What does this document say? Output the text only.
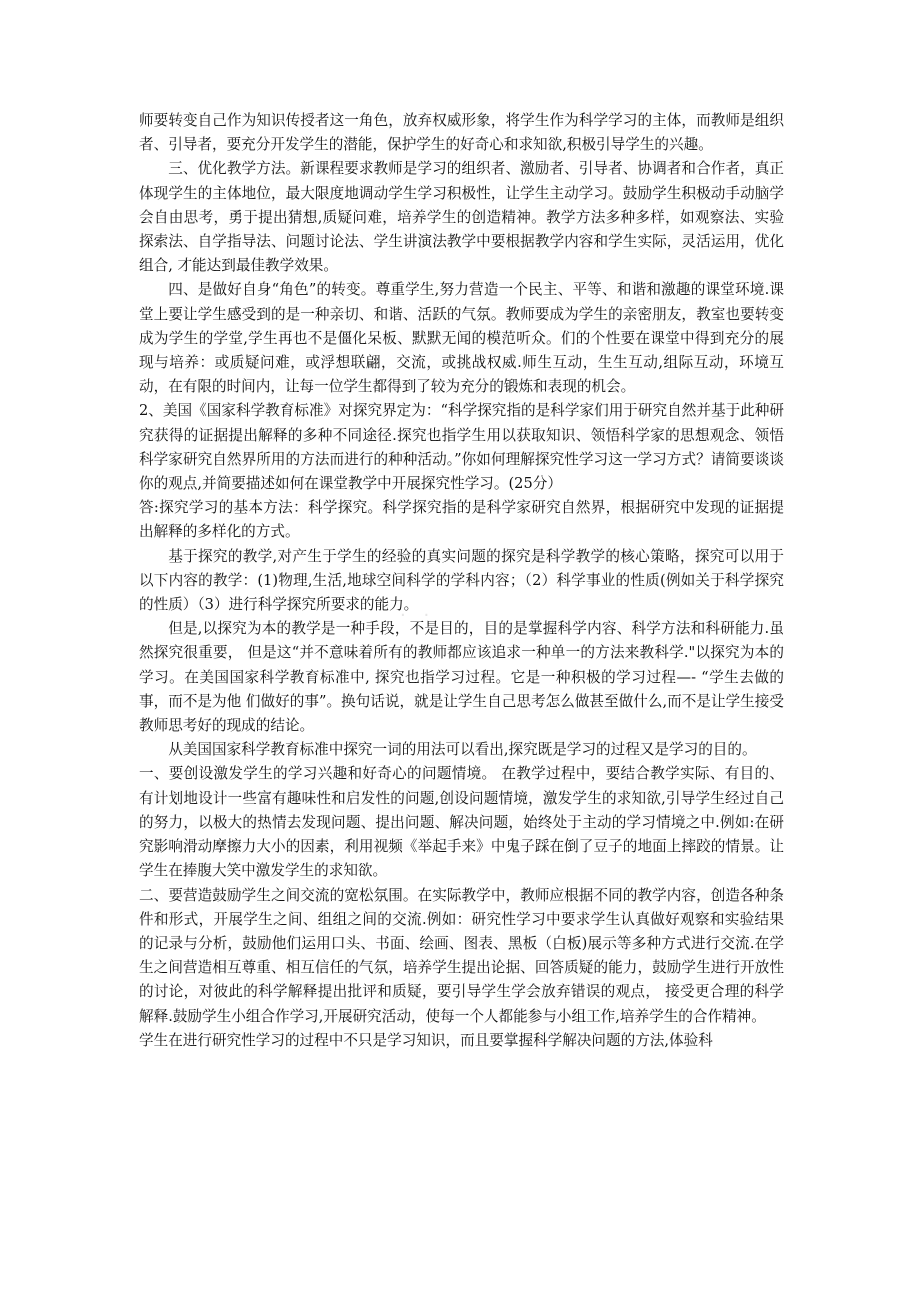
师要转变自己作为知识传授者这一角色，放弃权威形象，将学生作为科学学习的主体，而教师是组织者、引导者，要充分开发学生的潜能，保护学生的好奇心和求知欲,积极引导学生的兴趣。

三、优化教学方法。新课程要求教师是学习的组织者、激励者、引导者、协调者和合作者，真正体现学生的主体地位，最大限度地调动学生学习积极性，让学生主动学习。鼓励学生积极动手动脑学会自由思考，勇于提出猜想,质疑问难，培养学生的创造精神。教学方法多种多样，如观察法、实验探索法、自学指导法、问题讨论法、学生讲演法教学中要根据教学内容和学生实际，灵活运用，优化组合, 才能达到最佳教学效果。

四、是做好自身“角色”的转变。尊重学生,努力营造一个民主、平等、和谐和激趣的课堂环境.课堂上要让学生感受到的是一种亲切、和谐、活跃的气氛。教师要成为学生的亲密朋友，教室也要转变成为学生的学堂,学生再也不是僵化呆板、默默无闻的模范听众。们的个性要在课堂中得到充分的展现与培养：或质疑问难，或浮想联翩，交流，或挑战权威.师生互动，生生互动,组际互动，环境互动，在有限的时间内，让每一位学生都得到了较为充分的锻炼和表现的机会。

2、美国《国家科学教育标准》对探究界定为：“科学探究指的是科学家们用于研究自然并基于此种研究获得的证据提出解释的多种不同途径.探究也指学生用以获取知识、领悟科学家的思想观念、领悟科学家研究自然界所用的方法而进行的种种活动。”你如何理解探究性学习这一学习方式？请简要谈谈你的观点,并简要描述如何在课堂教学中开展探究性学习。(25分）

答:探究学习的基本方法：科学探究。科学探究指的是科学家研究自然界，根据研究中发现的证据提出解释的多样化的方式。

基于探究的教学,对产生于学生的经验的真实问题的探究是科学教学的核心策略，探究可以用于以下内容的教学：(1)物理,生活,地球空间科学的学科内容；（2）科学事业的性质(例如关于科学探究的性质）（3）进行科学探究所要求的能力。

但是,以探究为本的教学是一种手段，不是目的，目的是掌握科学内容、科学方法和科研能力.虽然探究很重要， 但是这“并不意味着所有的教师都应该追求一种单一的方法来教科学."以探究为本的学习。在美国国家科学教育标准中, 探究也指学习过程。它是一种积极的学习过程—- “学生去做的事，而不是为他 们做好的事”。换句话说，就是让学生自己思考怎么做甚至做什么,而不是让学生接受教师思考好的现成的结论。

从美国国家科学教育标准中探究一词的用法可以看出,探究既是学习的过程又是学习的目的。

一、要创设激发学生的学习兴趣和好奇心的问题情境。 在教学过程中，要结合教学实际、有目的、有计划地设计一些富有趣味性和启发性的问题,创设问题情境，激发学生的求知欲,引导学生经过自己的努力，以极大的热情去发现问题、提出问题、解决问题，始终处于主动的学习情境之中.例如:在研究影响滑动摩擦力大小的因素，利用视频《举起手来》中鬼子踩在倒了豆子的地面上摔跤的情景。让学生在捧腹大笑中激发学生的求知欲。

二、要营造鼓励学生之间交流的宽松氛围。在实际教学中，教师应根据不同的教学内容，创造各种条件和形式，开展学生之间、组组之间的交流.例如：研究性学习中要求学生认真做好观察和实验结果的记录与分析，鼓励他们运用口头、书面、绘画、图表、黑板（白板)展示等多种方式进行交流.在学生之间营造相互尊重、相互信任的气氛，培养学生提出论据、回答质疑的能力，鼓励学生进行开放性的讨论，对彼此的科学解释提出批评和质疑，要引导学生学会放弃错误的观点， 接受更合理的科学解释.鼓励学生小组合作学习,开展研究活动，使每一个人都能参与小组工作,培养学生的合作精神。

学生在进行研究性学习的过程中不只是学习知识，而且要掌握科学解决问题的方法,体验科

· ·
